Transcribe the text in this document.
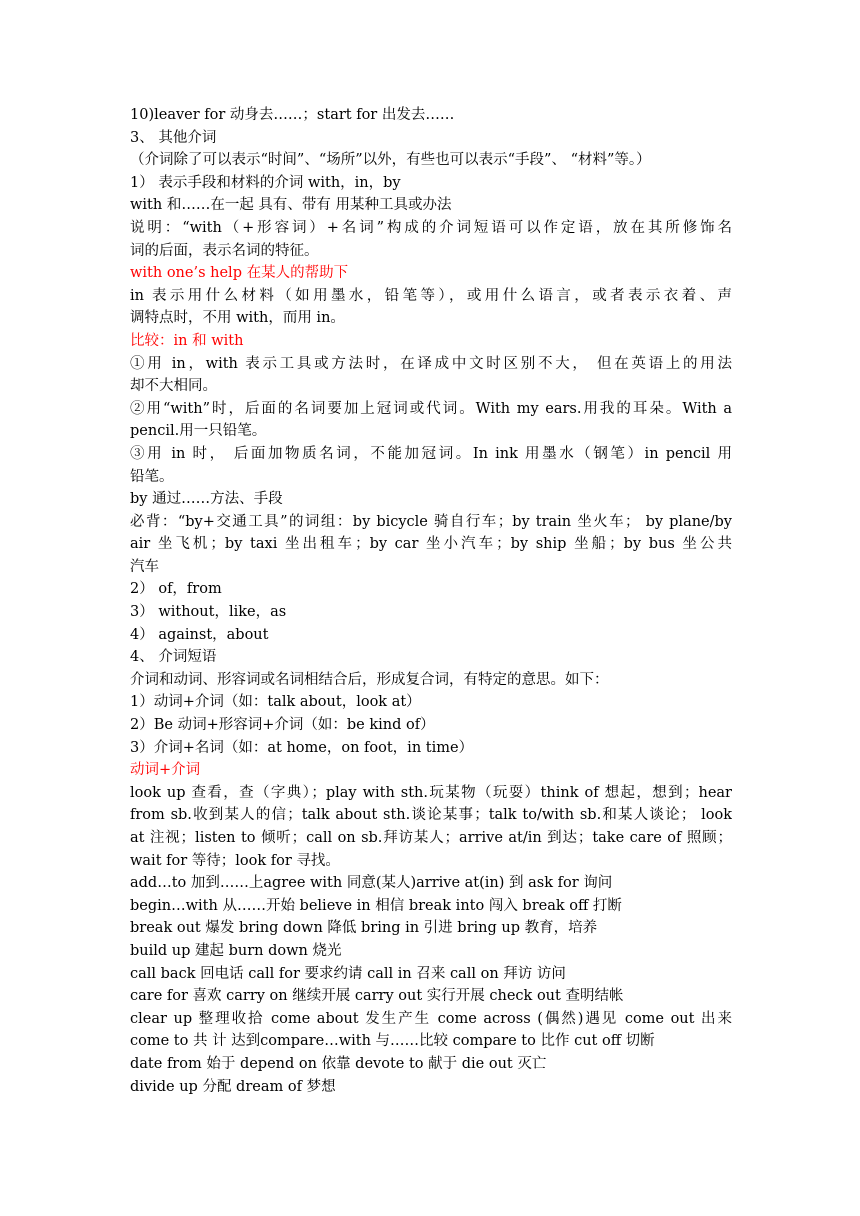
10)leaver for 动身去……；start for 出发去……
3、 其他介词
（介词除了可以表示“时间”、“场所”以外，有些也可以表示“手段”、 “材料”等。）
1） 表示手段和材料的介词 with，in，by
with 和……在一起 具有、带有 用某种工具或办法
说明：“with（+形容词）+名词”构成的介词短语可以作定语，放在其所修饰名
词的后面，表示名词的特征。
with one’s help 在某人的帮助下
in 表示用什么材料（如用墨水，铅笔等），或用什么语言，或者表示衣着、声
调特点时，不用 with，而用 in。
比较：in 和 with
①用 in，with 表示工具或方法时，在译成中文时区别不大， 但在英语上的用法
却不大相同。
②用“with”时，后面的名词要加上冠词或代词。With my ears.用我的耳朵。With a
pencil.用一只铅笔。
③用 in 时， 后面加物质名词，不能加冠词。In ink 用墨水（钢笔）in pencil 用
铅笔。
by 通过……方法、手段
必背：“by+交通工具”的词组：by bicycle 骑自行车；by train 坐火车； by plane/by
air 坐飞机；by taxi 坐出租车；by car 坐小汽车；by ship 坐船；by bus 坐公共
汽车
2） of，from
3） without，like，as
4） against，about
4、 介词短语
介词和动词、形容词或名词相结合后，形成复合词，有特定的意思。如下：
1）动词+介词（如：talk about，look at）
2）Be 动词+形容词+介词（如：be kind of）
3）介词+名词（如：at home，on foot，in time）
动词+介词
look up 查看，查（字典）；play with sth.玩某物（玩耍）think of 想起，想到；hear
from sb.收到某人的信；talk about sth.谈论某事；talk to/with sb.和某人谈论； look
at 注视；listen to 倾听；call on sb.拜访某人；arrive at/in 到达；take care of 照顾；
wait for 等待；look for 寻找。
add…to 加到……上agree with 同意(某人)arrive at(in) 到 ask for 询问
begin…with 从……开始 believe in 相信 break into 闯入 break off 打断
break out 爆发 bring down 降低 bring in 引进 bring up 教育，培养
build up 建起 burn down 烧光
call back 回电话 call for 要求约请 call in 召来 call on 拜访 访问
care for 喜欢 carry on 继续开展 carry out 实行开展 check out 查明结帐
clear up 整理收拾 come about 发生产生 come across (偶然)遇见 come out 出来
come to 共 计 达到compare…with 与……比较 compare to 比作 cut off 切断
date from 始于 depend on 依靠 devote to 献于 die out 灭亡
divide up 分配 dream of 梦想
